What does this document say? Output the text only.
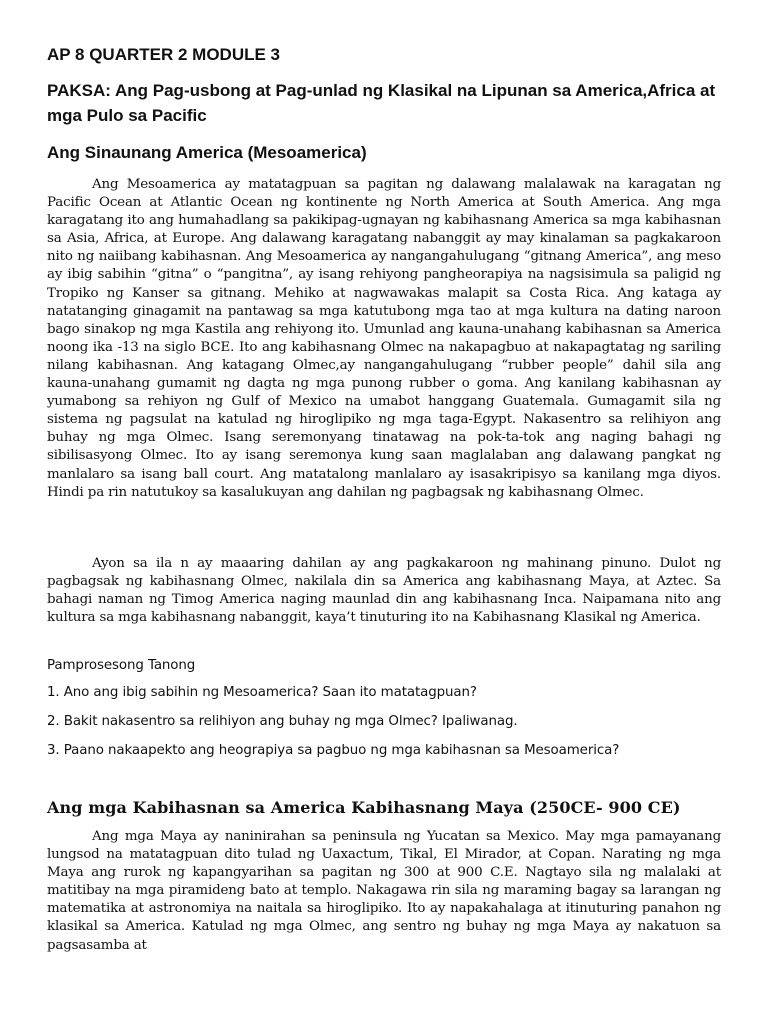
AP 8 QUARTER 2 MODULE 3
PAKSA: Ang Pag-usbong at Pag-unlad ng Klasikal na Lipunan sa America,Africa at mga Pulo sa Pacific
Ang Sinaunang America (Mesoamerica)

Ang Mesoamerica ay matatagpuan sa pagitan ng dalawang malalawak na karagatan ng Pacific Ocean at Atlantic Ocean ng kontinente ng North America at South America. Ang mga karagatang ito ang humahadlang sa pakikipag-ugnayan ng kabihasnang America sa mga kabihasnan sa Asia, Africa, at Europe. Ang dalawang karagatang nabanggit ay may kinalaman sa pagkakaroon nito ng naiibang kabihasnan. Ang Mesoamerica ay nangangahulugang “gitnang America”, ang meso ay ibig sabihin “gitna” o “pangitna”, ay isang rehiyong pangheorapiya na nagsisimula sa paligid ng Tropiko ng Kanser sa gitnang. Mehiko at nagwawakas malapit sa Costa Rica. Ang kataga ay natatanging ginagamit na pantawag sa mga katutubong mga tao at mga kultura na dating naroon bago sinakop ng mga Kastila ang rehiyong ito. Umunlad ang kauna-unahang kabihasnan sa America noong ika -13 na siglo BCE. Ito ang kabihasnang Olmec na nakapagbuo at nakapagtatag ng sariling nilang kabihasnan. Ang katagang Olmec,ay nangangahulugang “rubber people” dahil sila ang kauna-unahang gumamit ng dagta ng mga punong rubber o goma. Ang kanilang kabihasnan ay yumabong sa rehiyon ng Gulf of Mexico na umabot hanggang Guatemala. Gumagamit sila ng sistema ng pagsulat na katulad ng hiroglipiko ng mga taga-Egypt. Nakasentro sa relihiyon ang buhay ng mga Olmec. Isang seremonyang tinatawag na pok-ta-tok ang naging bahagi ng sibilisasyong Olmec. Ito ay isang seremonya kung saan maglalaban ang dalawang pangkat ng manlalaro sa isang ball court. Ang matatalong manlalaro ay isasakripisyo sa kanilang mga diyos. Hindi pa rin natutukoy sa kasalukuyan ang dahilan ng pagbagsak ng kabihasnang Olmec.

Ayon sa ila n ay maaaring dahilan ay ang pagkakaroon ng mahinang pinuno. Dulot ng pagbagsak ng kabihasnang Olmec, nakilala din sa America ang kabihasnang Maya, at Aztec. Sa bahagi naman ng Timog America naging maunlad din ang kabihasnang Inca. Naipamana nito ang kultura sa mga kabihasnang nabanggit, kaya’t tinuturing ito na Kabihasnang Klasikal ng America.

Pamprosesong Tanong

1. Ano ang ibig sabihin ng Mesoamerica? Saan ito matatagpuan?

2. Bakit nakasentro sa relihiyon ang buhay ng mga Olmec? Ipaliwanag.

3. Paano nakaapekto ang heograpiya sa pagbuo ng mga kabihasnan sa Mesoamerica?

Ang mga Kabihasnan sa America Kabihasnang Maya (250CE- 900 CE)

Ang mga Maya ay naninirahan sa peninsula ng Yucatan sa Mexico. May mga pamayanang lungsod na matatagpuan dito tulad ng Uaxactum, Tikal, El Mirador, at Copan. Narating ng mga Maya ang rurok ng kapangyarihan sa pagitan ng 300 at 900 C.E. Nagtayo sila ng malalaki at matitibay na mga piramideng bato at templo. Nakagawa rin sila ng maraming bagay sa larangan ng matematika at astronomiya na naitala sa hiroglipiko. Ito ay napakahalaga at itinuturing panahon ng klasikal sa America. Katulad ng mga Olmec, ang sentro ng buhay ng mga Maya ay nakatuon sa pagsasamba at
